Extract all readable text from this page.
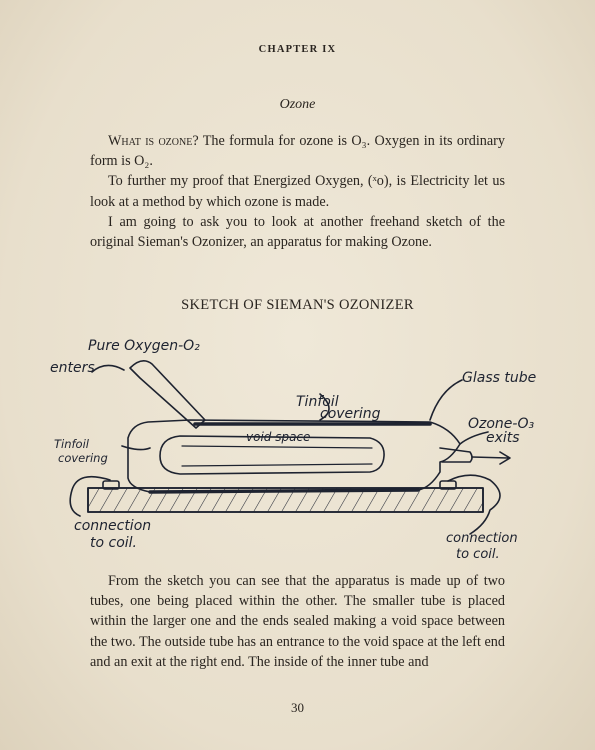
CHAPTER IX
Ozone

What is ozone? The formula for ozone is O₃. Oxygen in its ordinary form is O₂.

To further my proof that Energized Oxygen, (ˣo), is Electricity let us look at a method by which ozone is made.

I am going to ask you to look at another freehand sketch of the original Sieman's Ozonizer, an apparatus for making Ozone.

SKETCH OF SIEMAN'S OZONIZER
Pure Oxygen-O₂
enters
Tinfoil
covering
Glass tube
Ozone-O₃
exits
Tinfoil
covering
void space
connection
to coil.	connection
to coil.

From the sketch you can see that the apparatus is made up of two tubes, one being placed within the other. The smaller tube is placed within the larger one and the ends sealed making a void space between the two. The outside tube has an entrance to the void space at the left end and an exit at the right end. The inside of the inner tube and

30
